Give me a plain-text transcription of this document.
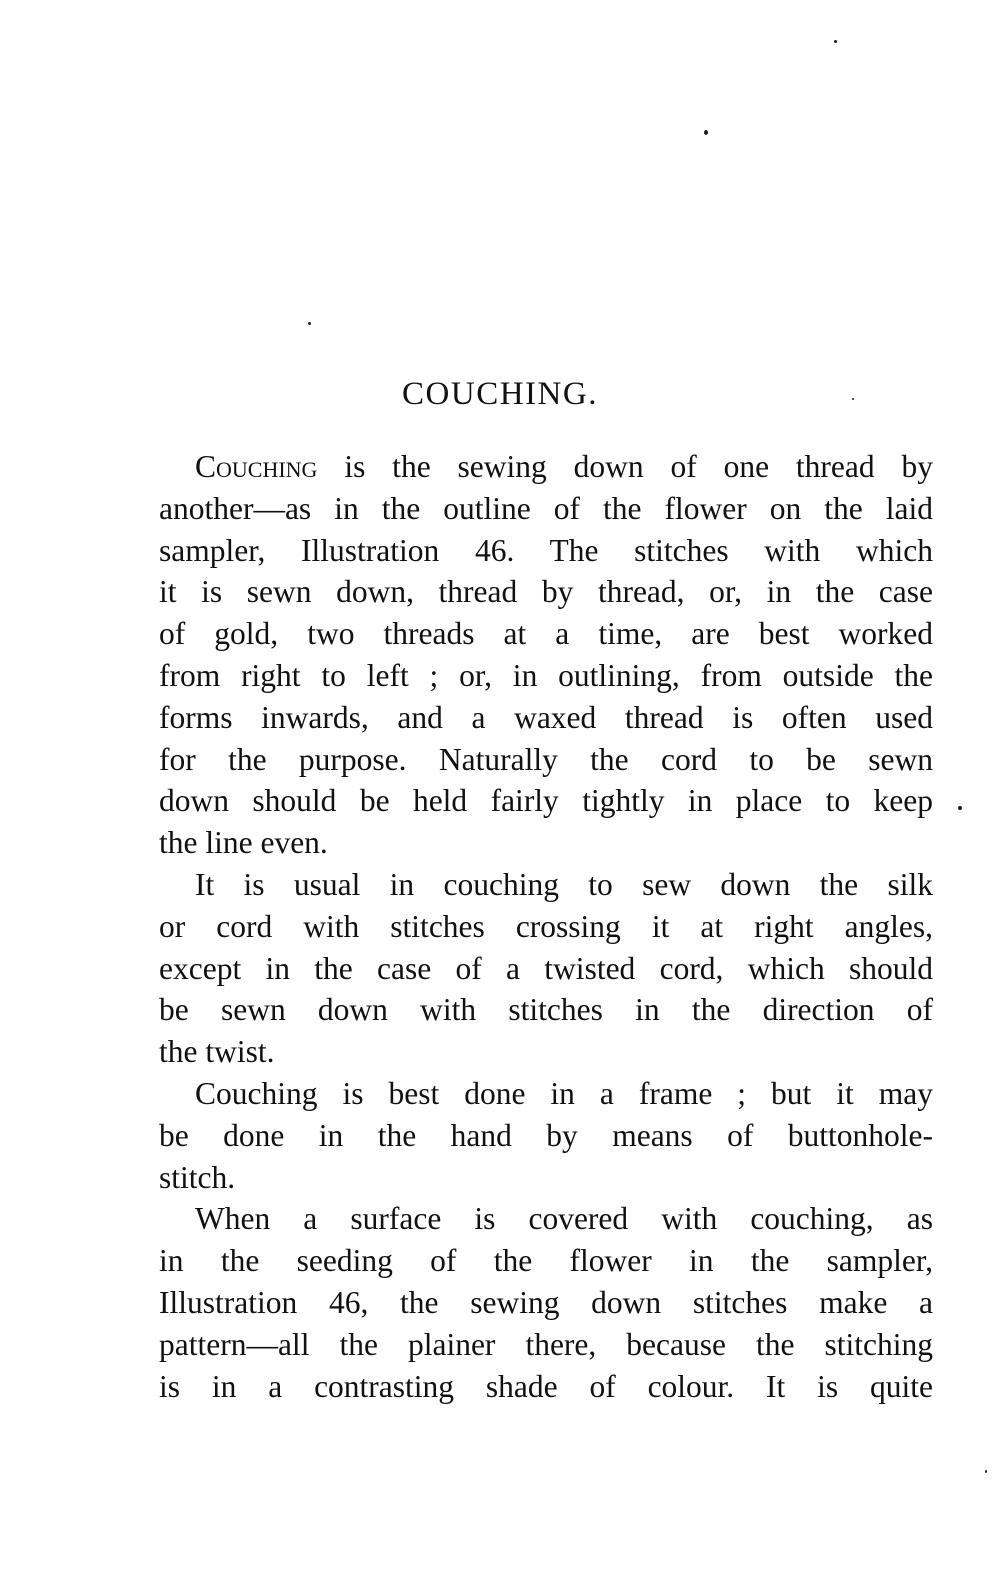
COUCHING.
Couching is the sewing down of one thread by
another—as in the outline of the flower on the laid
sampler, Illustration 46. The stitches with which
it is sewn down, thread by thread, or, in the case
of gold, two threads at a time, are best worked
from right to left ; or, in outlining, from outside the
forms inwards, and a waxed thread is often used
for the purpose. Naturally the cord to be sewn
down should be held fairly tightly in place to keep
the line even.
It is usual in couching to sew down the silk
or cord with stitches crossing it at right angles,
except in the case of a twisted cord, which should
be sewn down with stitches in the direction of
the twist.
Couching is best done in a frame ; but it may
be done in the hand by means of buttonhole-
stitch.
When a surface is covered with couching, as
in the seeding of the flower in the sampler,
Illustration 46, the sewing down stitches make a
pattern—all the plainer there, because the stitching
is in a contrasting shade of colour. It is quite
